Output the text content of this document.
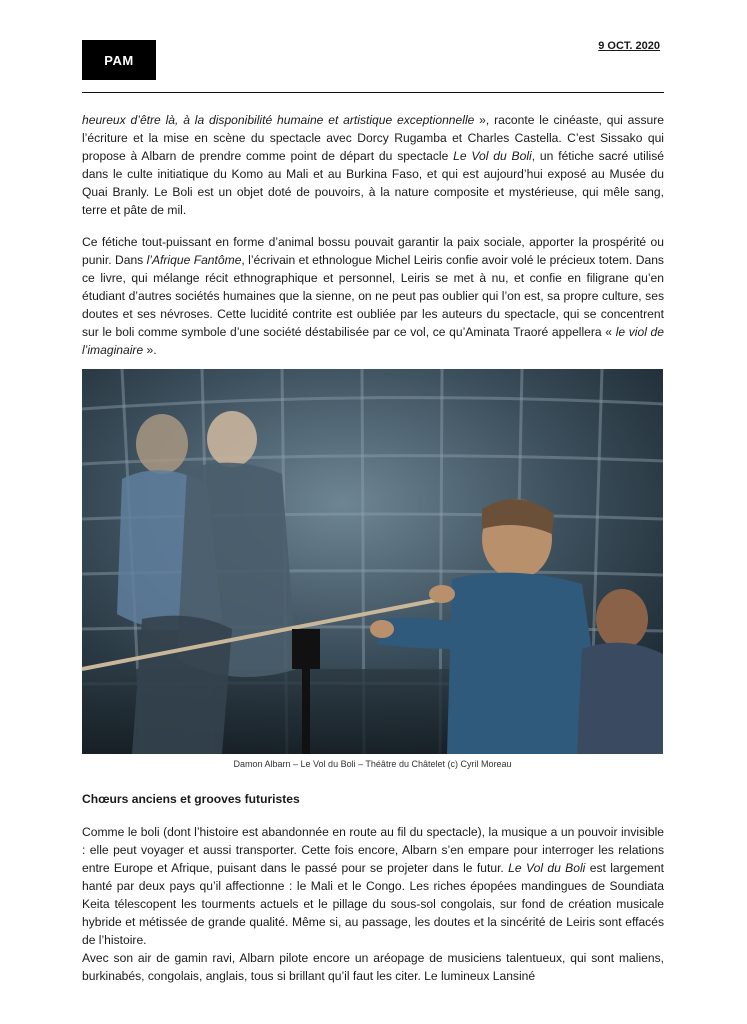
PAM
9 OCT. 2020

heureux d’être là, à la disponibilité humaine et artistique exceptionnelle », raconte le cinéaste, qui assure l’écriture et la mise en scène du spectacle avec Dorcy Rugamba et Charles Castella. C’est Sissako qui propose à Albarn de prendre comme point de départ du spectacle Le Vol du Boli, un fétiche sacré utilisé dans le culte initiatique du Komo au Mali et au Burkina Faso, et qui est aujourd’hui exposé au Musée du Quai Branly. Le Boli est un objet doté de pouvoirs, à la nature composite et mystérieuse, qui mêle sang, terre et pâte de mil.

Ce fétiche tout-puissant en forme d’animal bossu pouvait garantir la paix sociale, apporter la prospérité ou punir. Dans l’Afrique Fantôme, l’écrivain et ethnologue Michel Leiris confie avoir volé le précieux totem. Dans ce livre, qui mélange récit ethnographique et personnel, Leiris se met à nu, et confie en filigrane qu’en étudiant d’autres sociétés humaines que la sienne, on ne peut pas oublier qui l’on est, sa propre culture, ses doutes et ses névroses. Cette lucidité contrite est oubliée par les auteurs du spectacle, qui se concentrent sur le boli comme symbole d’une société déstabilisée par ce vol, ce qu’Aminata Traoré appellera « le viol de l’imaginaire ».

Damon Albarn – Le Vol du Boli – Théâtre du Châtelet (c) Cyril Moreau
Chœurs anciens et grooves futuristes

Comme le boli (dont l’histoire est abandonnée en route au fil du spectacle), la musique a un pouvoir invisible : elle peut voyager et aussi transporter. Cette fois encore, Albarn s’en empare pour interroger les relations entre Europe et Afrique, puisant dans le passé pour se projeter dans le futur. Le Vol du Boli est largement hanté par deux pays qu’il affectionne : le Mali et le Congo. Les riches épopées mandingues de Soundiata Keita télescopent les tourments actuels et le pillage du sous-sol congolais, sur fond de création musicale hybride et métissée de grande qualité. Même si, au passage, les doutes et la sincérité de Leiris sont effacés de l’histoire.
Avec son air de gamin ravi, Albarn pilote encore un aréopage de musiciens talentueux, qui sont maliens, burkinabés, congolais, anglais, tous si brillant qu’il faut les citer. Le lumineux Lansiné
